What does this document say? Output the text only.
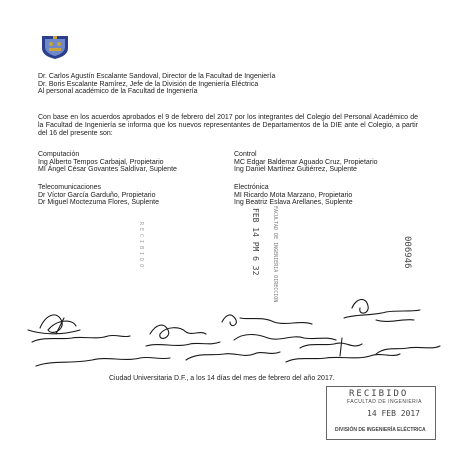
Dr. Carlos Agustín Escalante Sandoval, Director de la Facultad de Ingeniería
Dr. Boris Escalante Ramírez, Jefe de la División de Ingeniería Eléctrica
Al personal académico de la Facultad de Ingeniería
Con base en los acuerdos aprobados el 9 de febrero del 2017 por los integrantes del Colegio del Personal Académico de la Facultad de Ingeniería se informa que los nuevos representantes de Departamentos de la DIE ante el Colegio, a partir del 16 del presente son:
Computación
Ing Alberto Tempos Carbajal, Propietario
MI Ángel César Govantes Saldívar, Suplente
Telecomunicaciones
Dr Víctor García Garduño, Propietario
Dr Miguel Moctezuma Flores, Suplente
Control
MC Edgar Baldemar Aguado Cruz, Propietario
Ing Daniel Martínez Gutiérrez, Suplente
Electrónica
MI Ricardo Mota Marzano, Propietario
Ing Beatriz Eslava Arellanes, Suplente
FEB 14 PM 6 32 FACULTAD DE INGENIERIA DIRECCION	006946
R E C I B I D O
Ciudad Universitaria D.F., a los 14 días del mes de febrero del año 2017.
RECIBIDO
FACULTAD DE INGENIERIA
14 FEB 2017
DIVISIÓN DE INGENIERÍA ELÉCTRICA
